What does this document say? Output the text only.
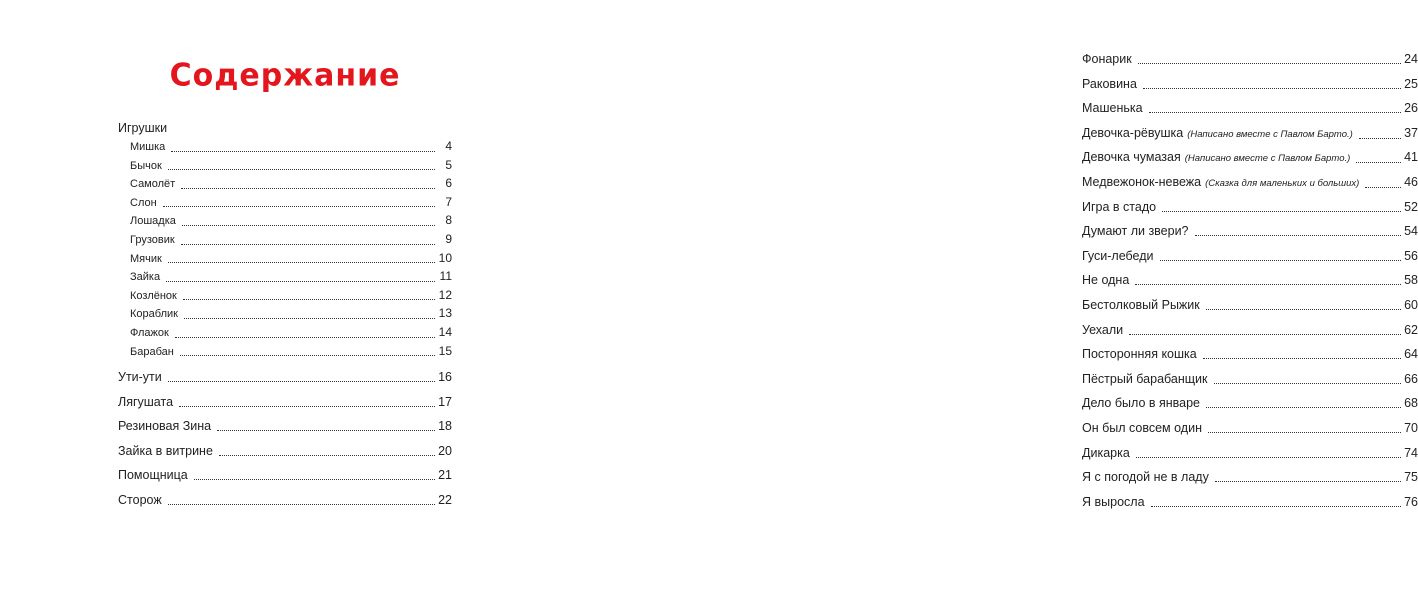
Содержание
Игрушки
Мишка	4
Бычок	5
Самолёт	6
Слон	7
Лошадка	8
Грузовик	9
Мячик	10
Зайка	11
Козлёнок	12
Кораблик	13
Флажок	14
Барабан	15
Ути-ути	16
Лягушата	17
Резиновая Зина	18
Зайка в витрине	20
Помощница	21
Сторож	22
Фонарик	24
Раковина	25
Машенька	26
Девочка-рёвушка (Написано вместе с Павлом Барто.)	37
Девочка чумазая (Написано вместе с Павлом Барто.)	41
Медвежонок-невежа (Сказка для маленьких и больших)	46
Игра в стадо	52
Думают ли звери?	54
Гуси-лебеди	56
Не одна	58
Бестолковый Рыжик	60
Уехали	62
Посторонняя кошка	64
Пёстрый барабанщик	66
Дело было в январе	68
Он был совсем один	70
Дикарка	74
Я с погодой не в ладу	75
Я выросла	76
